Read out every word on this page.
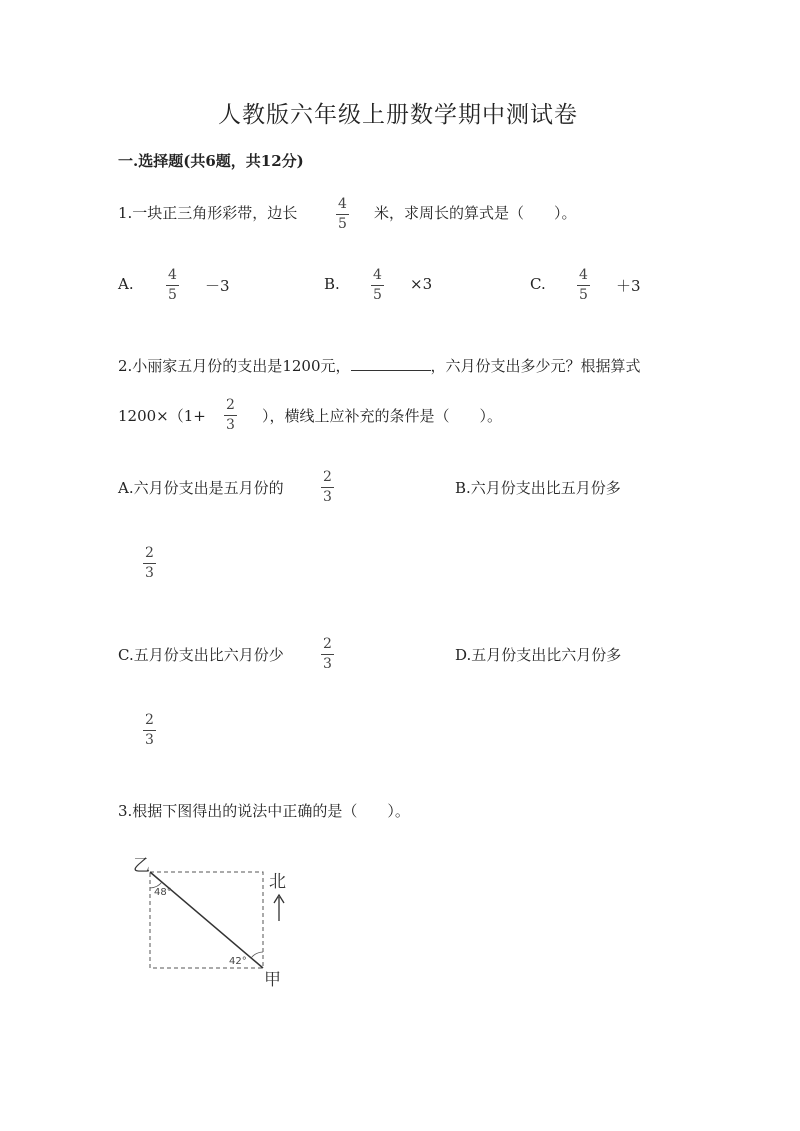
人教版六年级上册数学期中测试卷
一.选择题(共6题，共12分)
1.一块正三角形彩带，边长	4
5
米，求周长的算式是（　　）。
A. 4
5 －3	B. 4
5
×3	C. 4
5 ＋3
2.小丽家五月份的支出是1200元，	，六月份支出多少元？根据算式
1200×（1+
2
3 ），横线上应补充的条件是（　　）。
A.六月份支出是五月份的
2
3	B.六月份支出比五月份多
2
3
C.五月份支出比六月份少
2
3	D.五月份支出比六月份多
2
3
3.根据下图得出的说法中正确的是（　　）。
乙
48°
42°
甲
北
